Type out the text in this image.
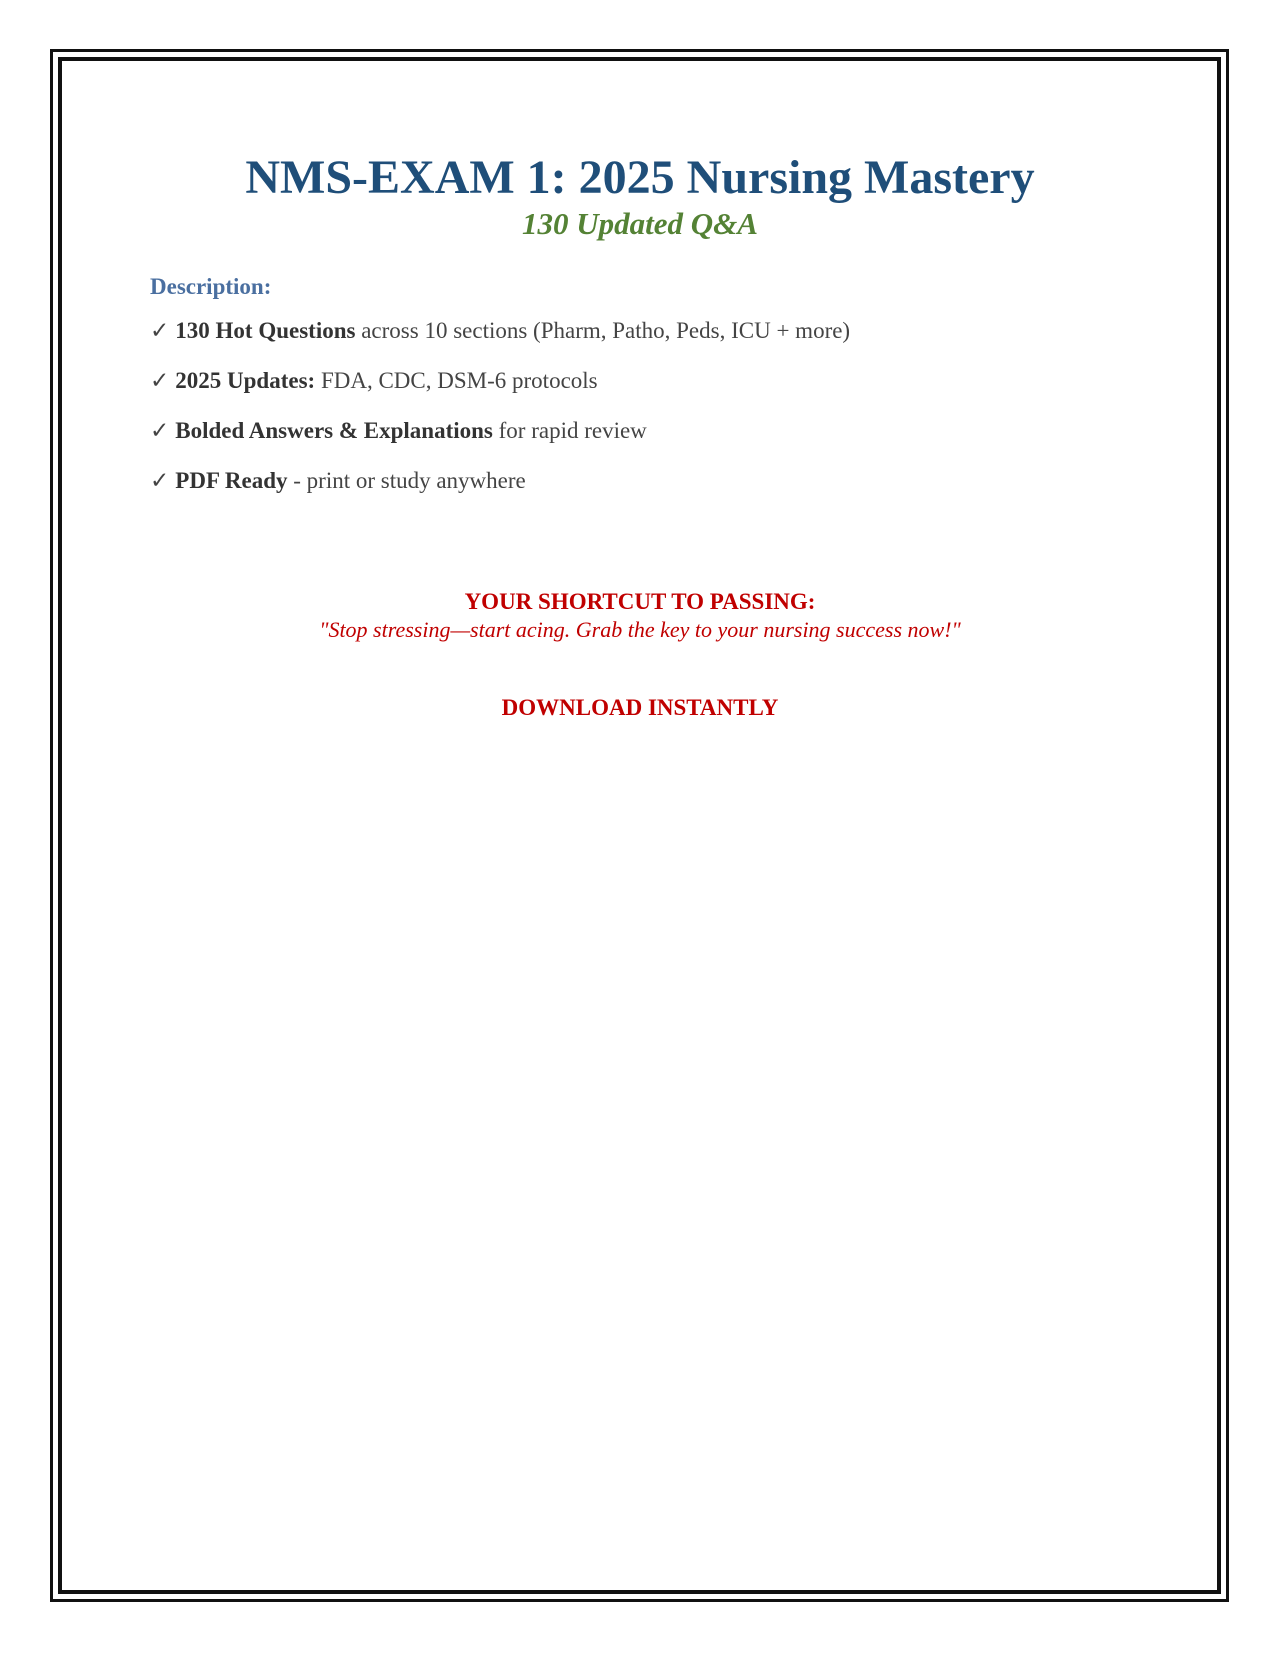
NMS-EXAM 1: 2025 Nursing Mastery
130 Updated Q&A
Description:
✓ 130 Hot Questions across 10 sections (Pharm, Patho, Peds, ICU + more)
✓ 2025 Updates: FDA, CDC, DSM-6 protocols
✓ Bolded Answers & Explanations for rapid review
✓ PDF Ready - print or study anywhere
YOUR SHORTCUT TO PASSING:
"Stop stressing—start acing. Grab the key to your nursing success now!"
DOWNLOAD INSTANTLY
